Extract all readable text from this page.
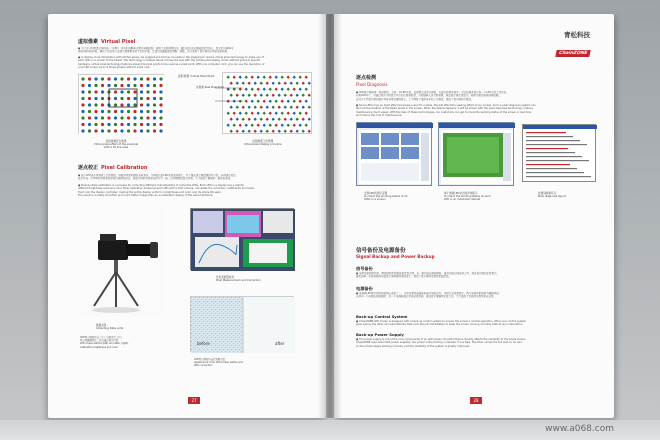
虚拟像素 Virtual Pixel
● 为了充分利用显示屏的每一个LED，其中的每颗单点都可单独控制，使用了虚拟像素技术，通过该技术在相同的显示屏上，显示的分辨率可
提高到原来的4倍，解决了信息量大而显示屏像素密度不足的矛盾，让显示的画面更加清晰、细腻，充分发挥了显示屏的应用价值和效果。
● In display more information with limited pixels, we suggest and borrow concepts in the mapping to reduce virtual pixel technology to make use of
each LED on a screen to the fullest. The technology increases about 2 times the size with the virtual pixel display mode, without going to specific
hardware, virtual pixel technology features allows the pixel points to be used as a pixel point. With one computer click, you can use the resolution of
your LED screen up to 4 times greater without extra cost.
虚拟像素 Virtual Pixel Point
实像素 Real Pixel Point
虚拟像素状态效果
Virtual pixel effect of the example
with a 16 line area
虚拟像素工作原理
Virtual pixel display principle
逐点校正 Pixel Calibration
● 每个LED由于其制造工艺的原因，导致其亮度和颜色各有差异，不同批次的LED亮度差异更大，为了保证显示屏图像的均匀性，采用逐点校正
技术对每一个LED的亮度和色度进行测量和校正，使显示屏的亮度和色度均匀一致，达到理想的显示效果，大大提高了整屏的一致性和品质。
● Pixel-by-Pixel calibration is a process for correcting different characteristics of individual LEDs. Each LED in a display has a slightly
different brightness level and color. Pixel calibration measures each LED with a CCD camera, calculates the correction coefficients and loads
them into the display controller, making the entire display uniform in brightness and color over its whole life span.
The result is a visibly smoother and much better image than an uncalibrated display of the same hardware.
数据采集
Collecting Data units
LED显示屏校正前（左）与校正后（右）
显示的画面对比，经过逐点校正后的
LED screen before (left) and after (right)
calibration brightness and color
亮色度测量软件
Pixel Measurement and Correction
before	after
LED显示屏校正前后效果对比
Appearance of an LED screen before and
after correction
27
青松科技
ChainZONE
逐点检测
Pixel Diagnosis
● LED显示屏使用一段时间后，会有一些LED失效，出现黑点或亮点现象。在逐点检测系统中，可以检测并显示每一个LED点的工作状态，
如果LED坏了，可通过软件实时显示坏点的位置和数量，方便维修人员及时更换，保证显示屏正常显示，同时为售后服务提供依据。
这对于大型显示屏的维护具有非常重要的意义，大大降低了维护成本和工作难度，提高了显示屏的可靠性。
● Since LEDs may go dead after being been used for a while, the will affect the viewing effect of our screen. Such a pixel diagnosis system can
find out the position of the failed pixels in the screen. When the failure happens, it will be shown with the pixel diagnosis technology, making
maintenance much easier. With the help of these technologies, our customers can get to know the working status of the screen in real time
and reduce the cost of maintenance.
全屏LED检测示意图
To check the working status of all
LEDs in a screen
单个像素LED状态的详细显示
To check the working status of each
LED in an individual cabinet
检测到像素坏点
Pixel diagnosis report
信号备份及电源备份
Signal Backup and Power Backup
信号备份
● 采用双套控制系统，两套控制系统都连接至显示屏，当一套系统出现故障时，备份系统立即自动工作，保证显示屏的正常显示，
避免因单一系统故障而导致显示屏黑屏的情况发生，提高了显示屏的可靠性和稳定性。
电源备份
● 电源是LED显示屏系统的核心部件之一，它的可靠性直接影响显示屏的运行，采用冗余电源设计，两个电源并联同时为模组供电，
当其中一个电源出现故障时，另一个电源能独立承担全部负载，保证显示屏继续正常工作，大大提高了系统的可靠性和安全性。
Back-up Control System
● ChainZONE LED screen is designed with a back-up control system to ensure the screen's normal operation. When one control system
goes wrong, the other will automatically take over the job immediately to keep the screen running normally without any interruption.
Back-up Power Supply
● The power supply is one of the core components of an LED screen. Its performance directly affects the reliability of the whole screen.
ChainZONE uses redundant power supplies, two power units working in parallel; if one fails, the other carries the full load on its own,
so the screen keeps working normally and the reliability of the system is greatly improved.
28
www.a068.com
